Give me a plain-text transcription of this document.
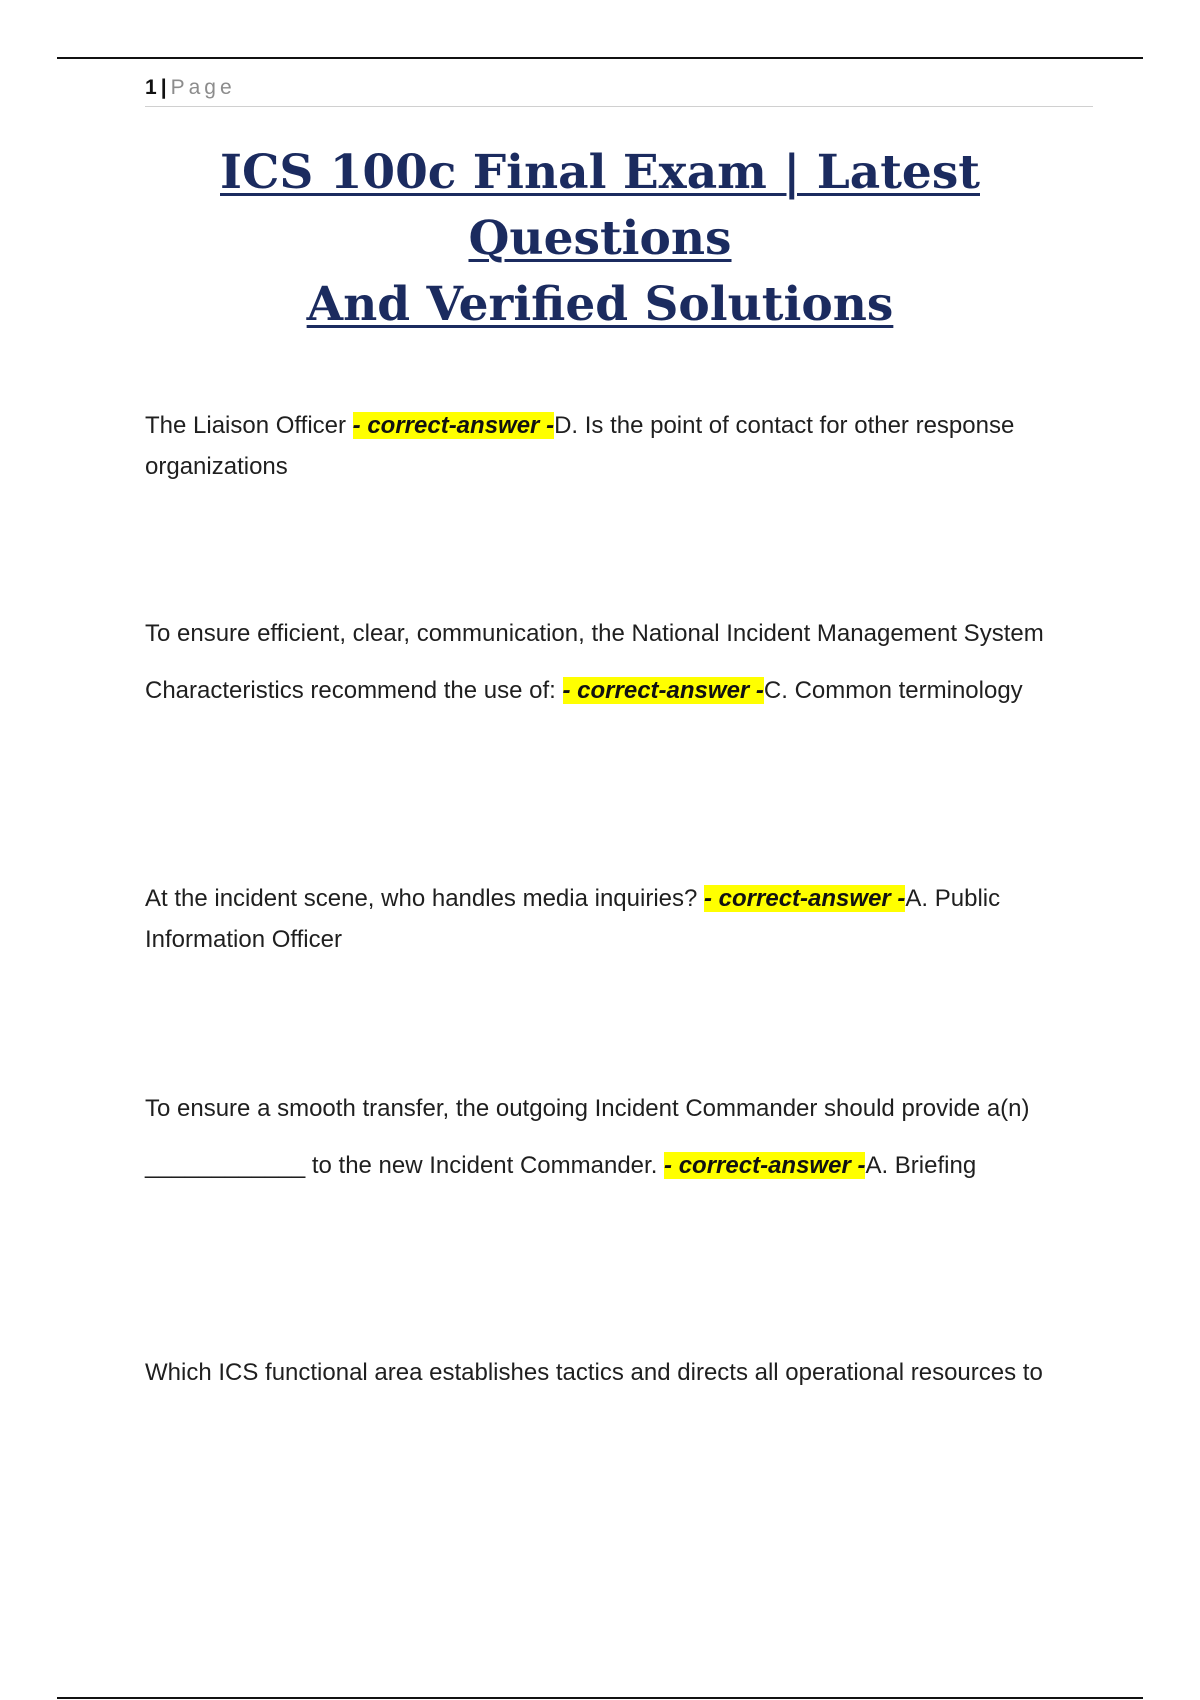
1 | Page
ICS 100c Final Exam | Latest Questions
And Verified Solutions

The Liaison Officer - correct-answer -D. Is the point of contact for other response organizations

To ensure efficient, clear, communication, the National Incident Management System

Characteristics recommend the use of: - correct-answer -C. Common terminology

At the incident scene, who handles media inquiries? - correct-answer -A. Public Information Officer

To ensure a smooth transfer, the outgoing Incident Commander should provide a(n)

____________ to the new Incident Commander. - correct-answer -A. Briefing

Which ICS functional area establishes tactics and directs all operational resources to
